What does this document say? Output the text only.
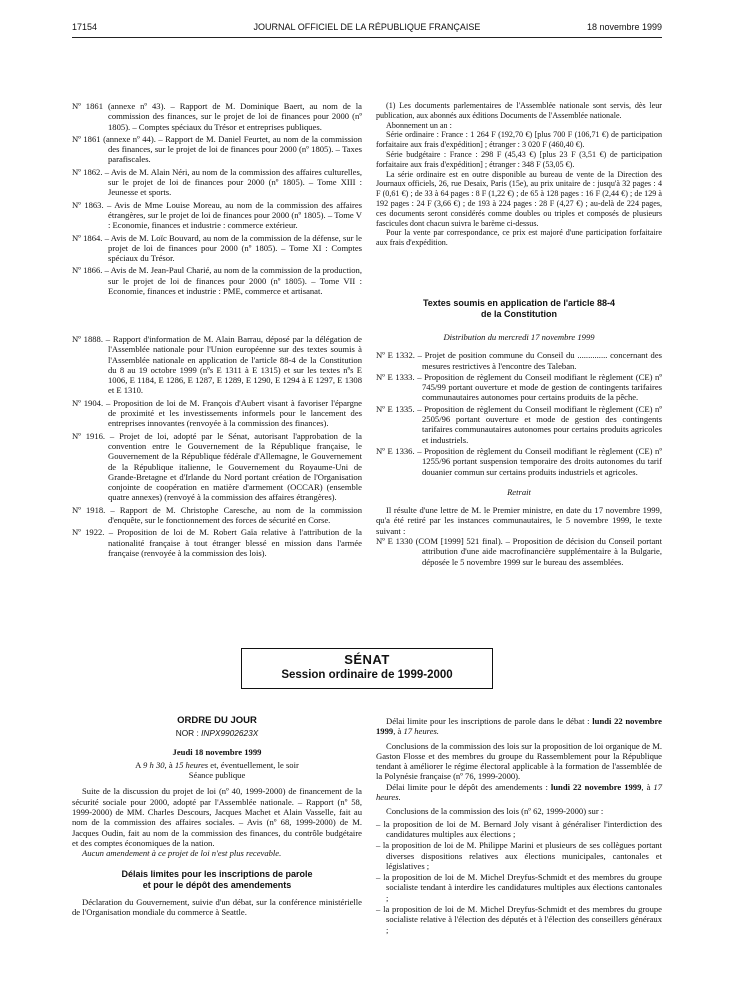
17154	JOURNAL OFFICIEL DE LA RÉPUBLIQUE FRANÇAISE	18 novembre 1999

Nº 1861 (annexe nº 43). – Rapport de M. Dominique Baert, au nom de la commission des finances, sur le projet de loi de finances pour 2000 (nº 1805). – Comptes spéciaux du Trésor et entreprises publiques.

Nº 1861 (annexe nº 44). – Rapport de M. Daniel Feurtet, au nom de la commission des finances, sur le projet de loi de finances pour 2000 (nº 1805). – Taxes parafiscales.

Nº 1862. – Avis de M. Alain Néri, au nom de la commission des affaires culturelles, sur le projet de loi de finances pour 2000 (nº 1805). – Tome XIII : Jeunesse et sports.

Nº 1863. – Avis de Mme Louise Moreau, au nom de la commission des affaires étrangères, sur le projet de loi de finances pour 2000 (nº 1805). – Tome V : Economie, finances et industrie : commerce extérieur.

Nº 1864. – Avis de M. Loïc Bouvard, au nom de la commission de la défense, sur le projet de loi de finances pour 2000 (nº 1805). – Tome XI : Comptes spéciaux du Trésor.

Nº 1866. – Avis de M. Jean-Paul Charié, au nom de la commission de la production, sur le projet de loi de finances pour 2000 (nº 1805). – Tome VII : Economie, finances et industrie : PME, commerce et artisanat.

Nº 1888. – Rapport d'information de M. Alain Barrau, déposé par la délégation de l'Assemblée nationale pour l'Union européenne sur des textes soumis à l'Assemblée nationale en application de l'article 88-4 de la Constitution du 8 au 19 octobre 1999 (nºs E 1311 à E 1315) et sur les textes nºs E 1006, E 1184, E 1286, E 1287, E 1289, E 1290, E 1294 à E 1297, E 1308 et E 1310.

Nº 1904. – Proposition de loi de M. François d'Aubert visant à favoriser l'épargne de proximité et les investissements informels pour le lancement des entreprises innovantes (renvoyée à la commission des finances).

Nº 1916. – Projet de loi, adopté par le Sénat, autorisant l'approbation de la convention entre le Gouvernement de la République française, le Gouvernement de la République fédérale d'Allemagne, le Gouvernement de la République italienne, le Gouvernement du Royaume-Uni de Grande-Bretagne et d'Irlande du Nord portant création de l'Organisation conjointe de coopération en matière d'armement (OCCAR) (ensemble quatre annexes) (renvoyé à la commission des affaires étrangères).

Nº 1918. – Rapport de M. Christophe Caresche, au nom de la commission d'enquête, sur le fonctionnement des forces de sécurité en Corse.

Nº 1922. – Proposition de loi de M. Robert Gaïa relative à l'attribution de la nationalité française à tout étranger blessé en mission dans l'armée française (renvoyée à la commission des lois).

(1) Les documents parlementaires de l'Assemblée nationale sont servis, dès leur publication, aux abonnés aux éditions Documents de l'Assemblée nationale.

Abonnement un an :

Série ordinaire : France : 1 264 F (192,70 €) [plus 700 F (106,71 €) de participation forfaitaire aux frais d'expédition] ; étranger : 3 020 F (460,40 €).

Série budgétaire : France : 298 F (45,43 €) [plus 23 F (3,51 €) de participation forfaitaire aux frais d'expédition] ; étranger : 348 F (53,05 €).

La série ordinaire est en outre disponible au bureau de vente de la Direction des Journaux officiels, 26, rue Desaix, Paris (15e), au prix unitaire de : jusqu'à 32 pages : 4 F (0,61 €) ; de 33 à 64 pages : 8 F (1,22 €) ; de 65 à 128 pages : 16 F (2,44 €) ; de 129 à 192 pages : 24 F (3,66 €) ; de 193 à 224 pages : 28 F (4,27 €) ; au-delà de 224 pages, ces documents seront considérés comme doubles ou triples et composés de plusieurs fascicules dont chacun suivra le barème ci-dessus.

Pour la vente par correspondance, ce prix est majoré d'une participation forfaitaire aux frais d'expédition.

Textes soumis en application de l'article 88-4

de la Constitution

Distribution du mercredi 17 novembre 1999

Nº E 1332. – Projet de position commune du Conseil du .............. concernant des mesures restrictives à l'encontre des Taleban.

Nº E 1333. – Proposition de règlement du Conseil modifiant le règlement (CE) nº 745/99 portant ouverture et mode de gestion de contingents tarifaires communautaires autonomes pour certains produits de la pêche.

Nº E 1335. – Proposition de règlement du Conseil modifiant le règlement (CE) nº 2505/96 portant ouverture et mode de gestion des contingents tarifaires communautaires autonomes pour certains produits agricoles et industriels.

Nº E 1336. – Proposition de règlement du Conseil modifiant le règlement (CE) nº 1255/96 portant suspension temporaire des droits autonomes du tarif douanier commun sur certains produits industriels et agricoles.

Retrait

Il résulte d'une lettre de M. le Premier ministre, en date du 17 novembre 1999, qu'a été retiré par les instances communautaires, le 5 novembre 1999, le texte suivant :

Nº E 1330 (COM [1999] 521 final). – Proposition de décision du Conseil portant attribution d'une aide macrofinancière supplémentaire à la Bulgarie, déposée le 5 novembre 1999 sur le bureau des assemblées.

SÉNAT
Session ordinaire de 1999-2000

ORDRE DU JOUR

NOR : INPX9902623X

Jeudi 18 novembre 1999

A 9 h 30, à 15 heures et, éventuellement, le soir

Séance publique

Suite de la discussion du projet de loi (nº 40, 1999-2000) de financement de la sécurité sociale pour 2000, adopté par l'Assemblée nationale. – Rapport (nº 58, 1999-2000) de MM. Charles Descours, Jacques Machet et Alain Vasselle, fait au nom de la commission des affaires sociales. – Avis (nº 68, 1999-2000) de M. Jacques Oudin, fait au nom de la commission des finances, du contrôle budgétaire et des comptes économiques de la nation.

Aucun amendement à ce projet de loi n'est plus recevable.

Délais limites pour les inscriptions de parole

et pour le dépôt des amendements

Déclaration du Gouvernement, suivie d'un débat, sur la conférence ministérielle de l'Organisation mondiale du commerce à Seattle.

Délai limite pour les inscriptions de parole dans le débat : lundi 22 novembre 1999, à 17 heures.

Conclusions de la commission des lois sur la proposition de loi organique de M. Gaston Flosse et des membres du groupe du Rassemblement pour la République tendant à améliorer le régime électoral applicable à la formation de l'assemblée de la Polynésie française (nº 76, 1999-2000).

Délai limite pour le dépôt des amendements : lundi 22 novembre 1999, à 17 heures.

Conclusions de la commission des lois (nº 62, 1999-2000) sur :

– la proposition de loi de M. Bernard Joly visant à généraliser l'interdiction des candidatures multiples aux élections ;

– la proposition de loi de M. Philippe Marini et plusieurs de ses collègues portant diverses dispositions relatives aux élections municipales, cantonales et législatives ;

– la proposition de loi de M. Michel Dreyfus-Schmidt et des membres du groupe socialiste tendant à interdire les candidatures multiples aux élections cantonales ;

– la proposition de loi de M. Michel Dreyfus-Schmidt et des membres du groupe socialiste relative à l'élection des députés et à l'élection des conseillers généraux ;
